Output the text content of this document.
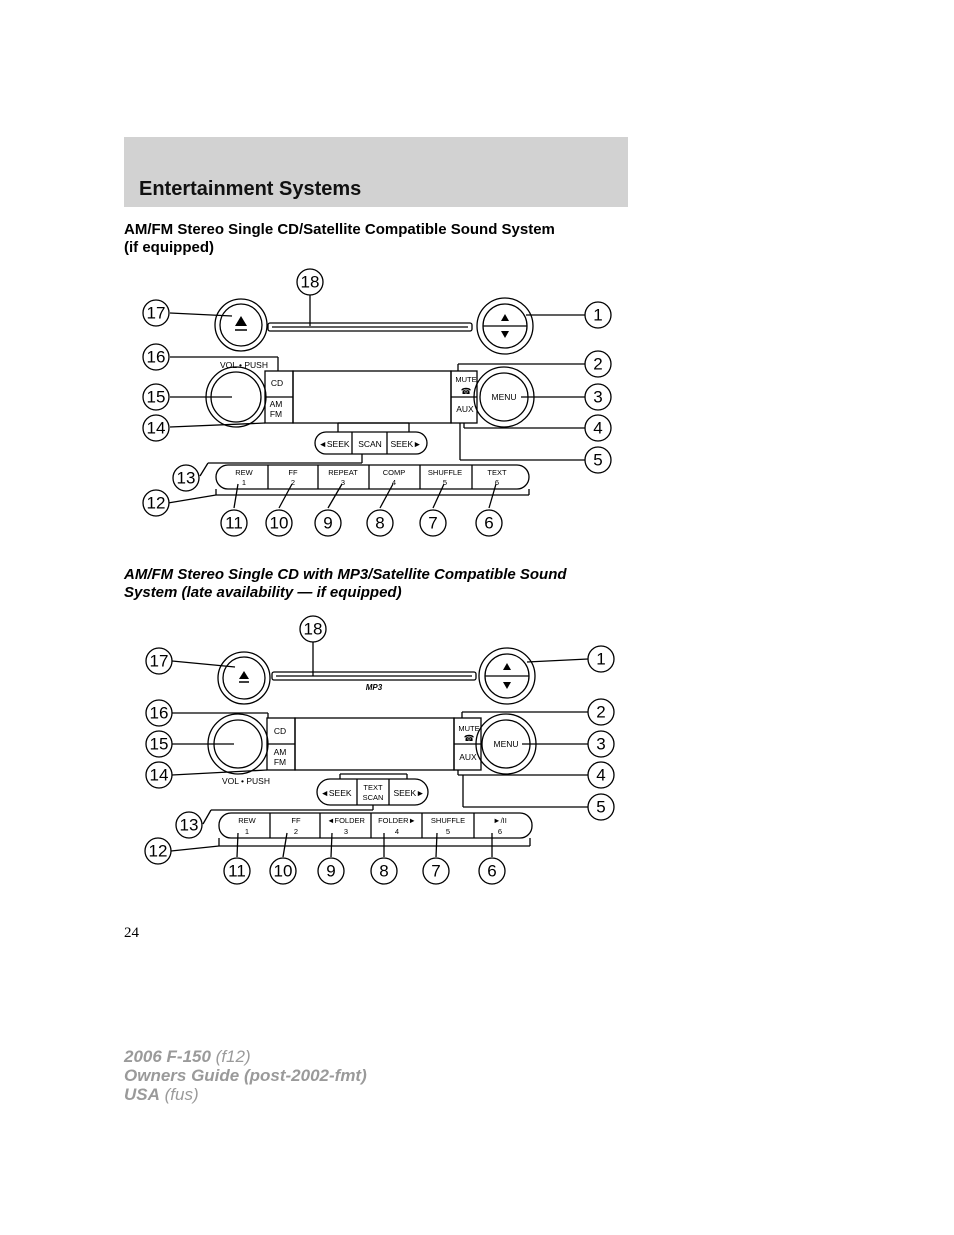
Entertainment Systems
AM/FM Stereo Single CD/Satellite Compatible Sound System
(if equipped)
VOL • PUSH
CD
AM
FM
MUTE
☎
AUX
MENU
◄SEEK SCAN SEEK►
REW
1
FF
2
REPEAT
3
COMP
4
SHUFFLE
5
TEXT
6
18
17	1
16	2
15	3
14	4
5
13
12
11 10 9	8	7	6
AM/FM Stereo Single CD with MP3/Satellite Compatible Sound
System (late availability — if equipped)
MP3
CD
AM
FM
VOL • PUSH
MUTE
☎
AUX
MENU
◄SEEK
TEXT
SCAN SEEK►
REW
1
FF
2
◄FOLDER
3
FOLDER►
4
SHUFFLE
5
►/II
6
18
17	1
16	2
15	3
14	4
5
13
12
11 10 9	8	7	6
24
2006 F-150 (f12)
Owners Guide (post-2002-fmt)
USA (fus)
